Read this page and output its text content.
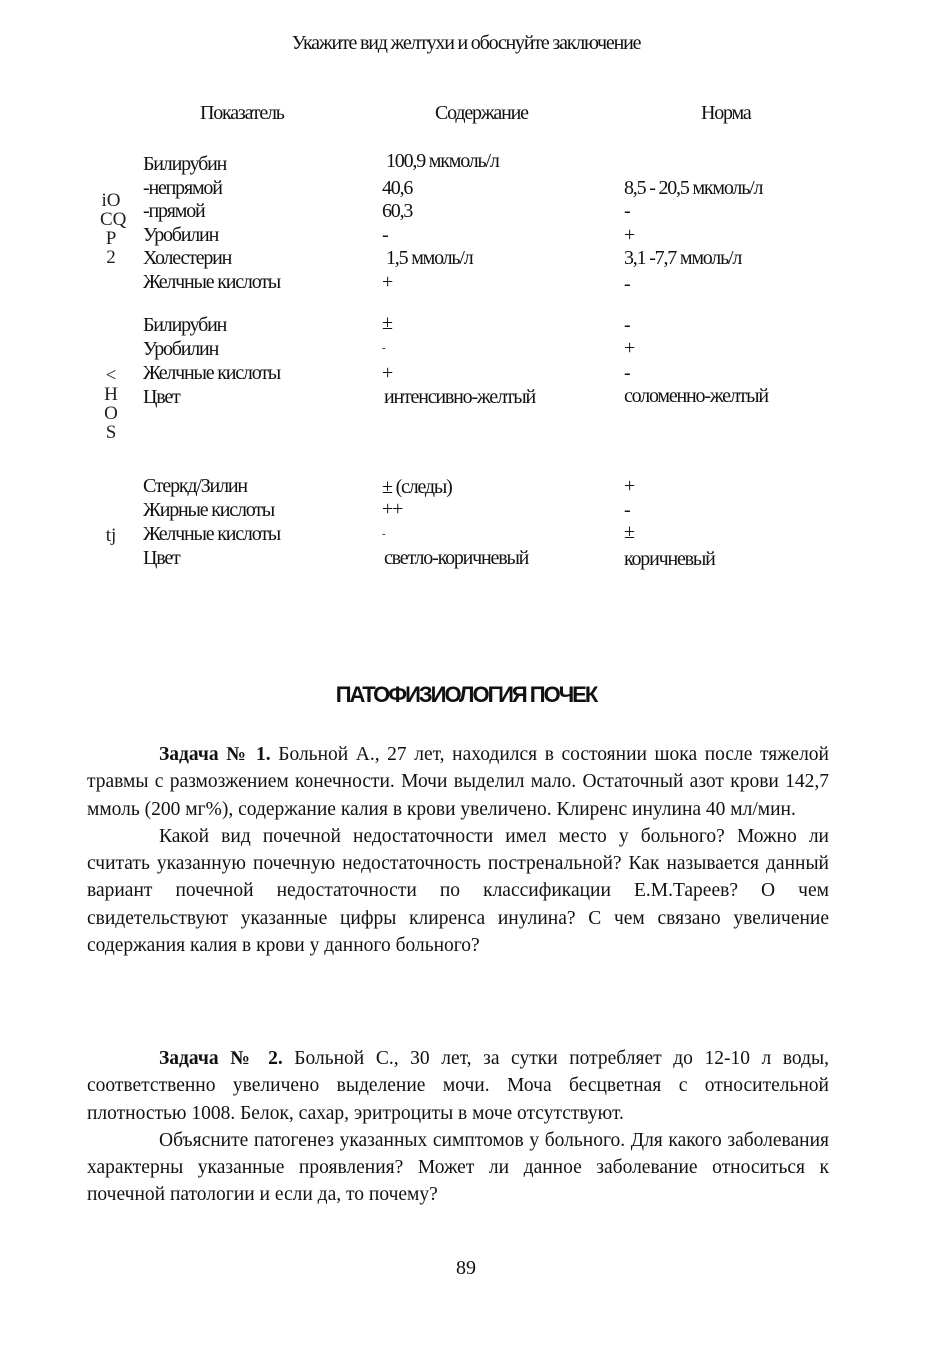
Укажите вид желтухи и обоснуйте заключение
Показатель	Содержание	Норма
iO
CQ
P
2
Билирубин	100,9 мкмоль/л
-непрямой	40,6	8,5 - 20,5 мкмоль/л
-прямой	60,3	-
Уробилин	-	+
Холестерин	1,5 ммоль/л	3,1 -7,7 ммоль/л
Желчные кислоты	+	-
<
H
O
S
Билирубин	±	-
Уробилин	-	+
Желчные кислоты	+	-
Цвет	интенсивно-желтый	соломенно-желтый
tj
Стеркд/Зилин	± (следы)	+
Жирные кислоты	++	-
Желчные кислоты	-	±
Цвет	светло-коричневый	коричневый
ПАТОФИЗИОЛОГИЯ ПОЧЕК

Задача № 1. Больной А., 27 лет, находился в состоянии шока после тяжелой травмы с размозжением конечности. Мочи выделил мало. Остаточный азот крови 142,7 ммоль (200 мг%), содержание калия в крови увеличено. Клиренс инулина 40 мл/мин.

Какой вид почечной недостаточности имел место у больного? Можно ли считать указанную почечную недостаточность постренальной? Как называется данный вариант почечной недостаточности по классификации Е.М.Тареев? О чем свидетельствуют указанные цифры клиренса инулина? С чем связано увеличение содержания калия в крови у данного больного?

Задача № 2. Больной С., 30 лет, за сутки потребляет до 12-10 л воды, соответственно увеличено выделение мочи. Моча бесцветная с относительной плотностью 1008. Белок, сахар, эритроциты в моче отсутствуют.

Объясните патогенез указанных симптомов у больного. Для какого заболевания характерны указанные проявления? Может ли данное заболевание относиться к почечной патологии и если да, то почему?

89
